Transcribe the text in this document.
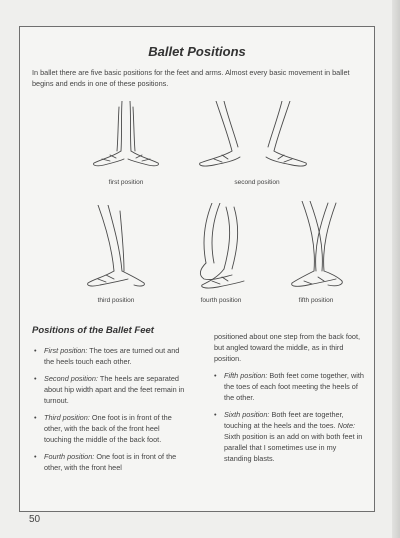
50
Ballet Positions
In ballet there are five basic positions for the feet and arms. Almost every basic movement in ballet begins and ends in one of these positions.
first position	second position
third position	fourth position	fifth position
Positions of the Ballet Feet
• First position: The toes are turned out and the heels touch each other.
• Second position: The heels are separated about hip width apart and the feet remain in turnout.
• Third position: One foot is in front of the other, with the back of the front heel touching the middle of the back foot.
• Fourth position: One foot is in front of the other, with the front heel
positioned about one step from the back foot, but angled toward the middle, as in third position.
• Fifth position: Both feet come together, with the toes of each foot meeting the heels of the other.
• Sixth position: Both feet are together, touching at the heels and the toes. Note: Sixth position is an add on with both feet in parallel that I sometimes use in my standing blasts.
